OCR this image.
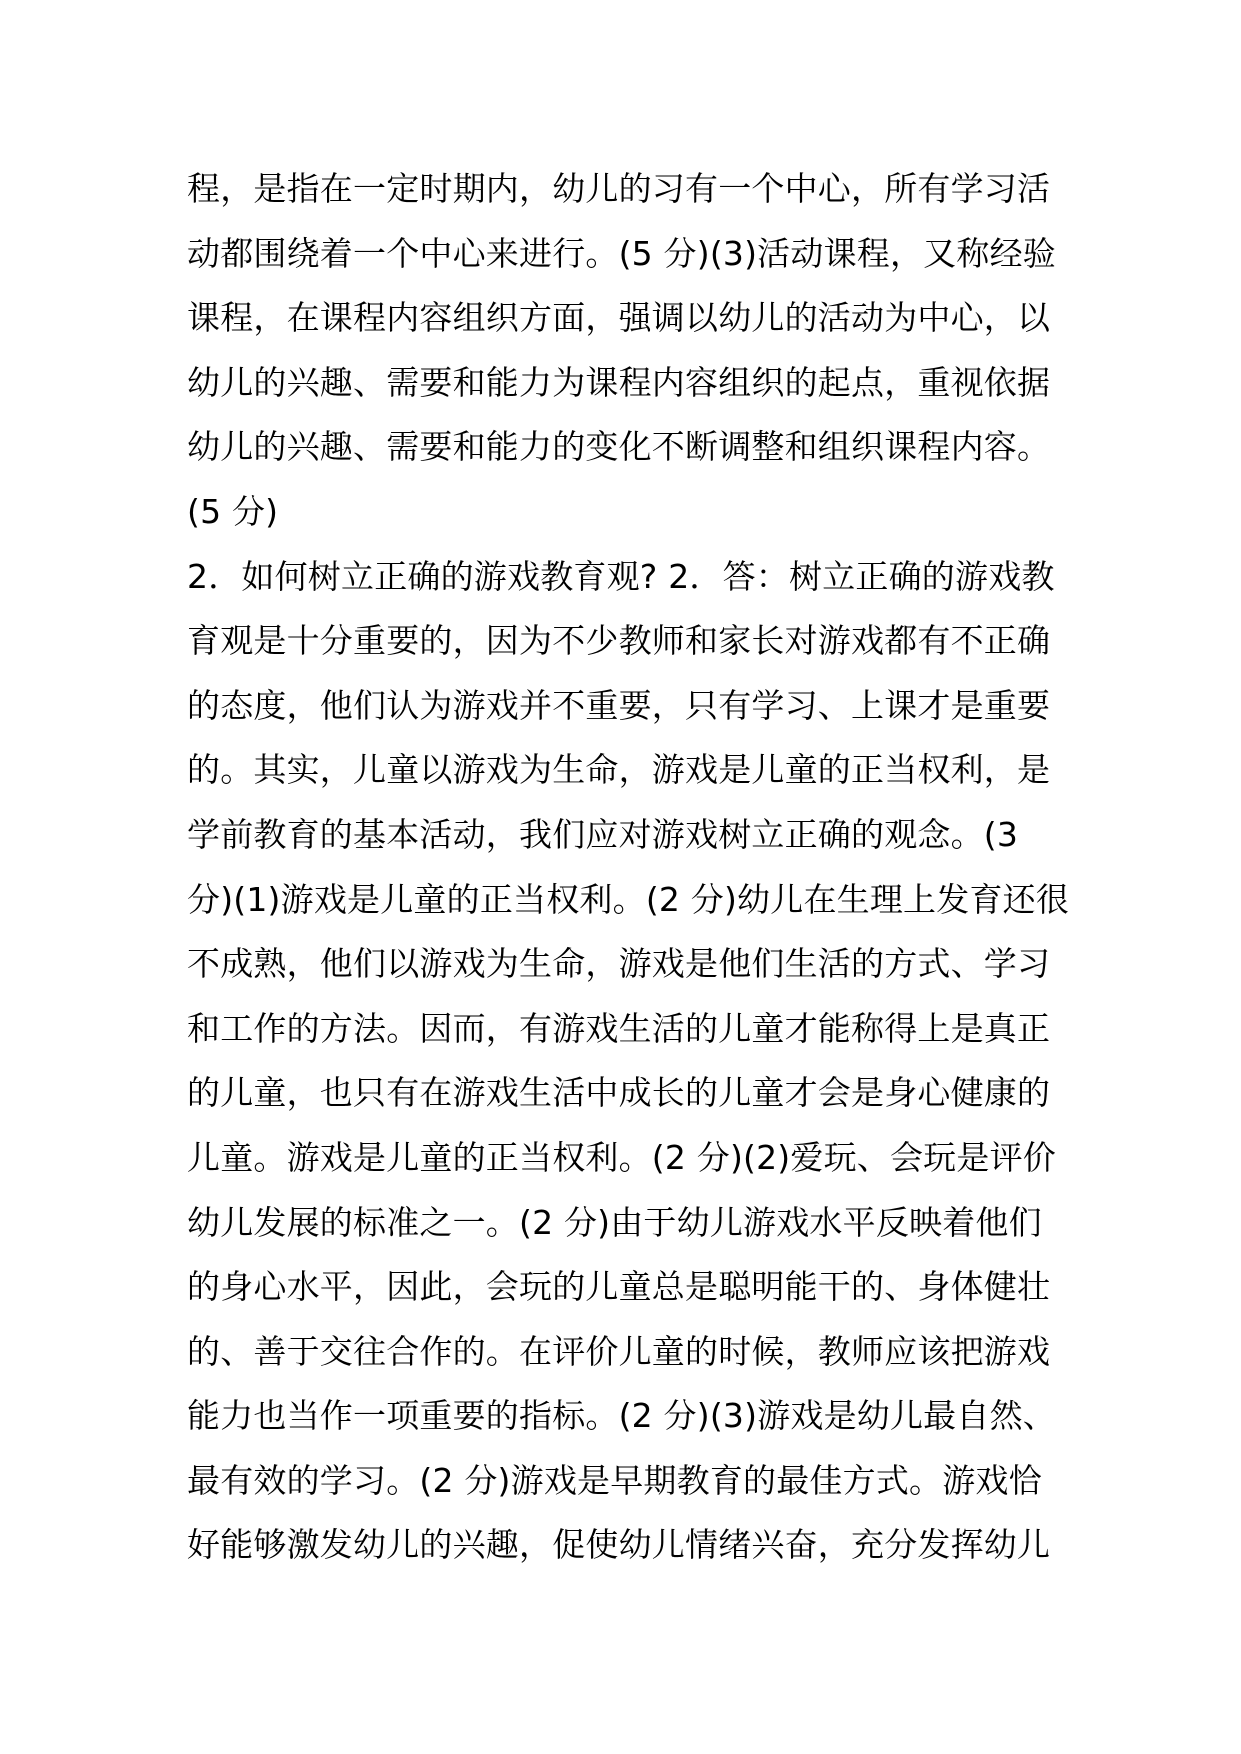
程，是指在一定时期内，幼儿的习有一个中心，所有学习活
动都围绕着一个中心来进行。(5 分)(3)活动课程，又称经验
课程，在课程内容组织方面，强调以幼儿的活动为中心，以
幼儿的兴趣、需要和能力为课程内容组织的起点，重视依据
幼儿的兴趣、需要和能力的变化不断调整和组织课程内容。
(5 分)
2．如何树立正确的游戏教育观? 2．答：树立正确的游戏教
育观是十分重要的，因为不少教师和家长对游戏都有不正确
的态度，他们认为游戏并不重要，只有学习、上课才是重要
的。其实，儿童以游戏为生命，游戏是儿童的正当权利，是
学前教育的基本活动，我们应对游戏树立正确的观念。(3
分)(1)游戏是儿童的正当权利。(2 分)幼儿在生理上发育还很
不成熟，他们以游戏为生命，游戏是他们生活的方式、学习
和工作的方法。因而，有游戏生活的儿童才能称得上是真正
的儿童，也只有在游戏生活中成长的儿童才会是身心健康的
儿童。游戏是儿童的正当权利。(2 分)(2)爱玩、会玩是评价
幼儿发展的标准之一。(2 分)由于幼儿游戏水平反映着他们
的身心水平，因此，会玩的儿童总是聪明能干的、身体健壮
的、善于交往合作的。在评价儿童的时候，教师应该把游戏
能力也当作一项重要的指标。(2 分)(3)游戏是幼儿最自然、
最有效的学习。(2 分)游戏是早期教育的最佳方式。游戏恰
好能够激发幼儿的兴趣，促使幼儿情绪兴奋，充分发挥幼儿
